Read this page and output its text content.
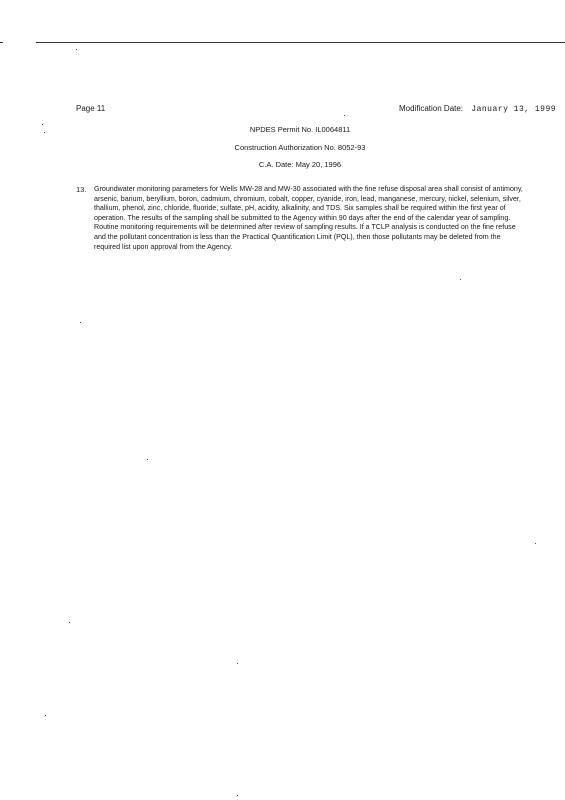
Page 11	Modification Date: January 13, 1999
NPDES Permit No. IL0064811
Construction Authorization No. 8052-93
C.A. Date: May 20, 1996
13. Groundwater monitoring parameters for Wells MW-28 and MW-30 associated with the fine refuse disposal area shall consist of antimony, arsenic, barium, beryllium, boron, cadmium, chromium, cobalt, copper, cyanide, iron, lead, manganese, mercury, nickel, selenium, silver, thallium, phenol, zinc, chloride, fluoride, sulfate, pH, acidity, alkalinity, and TDS. Six samples shall be required within the first year of operation. The results of the sampling shall be submitted to the Agency within 90 days after the end of the calendar year of sampling. Routine monitoring requirements will be determined after review of sampling results. If a TCLP analysis is conducted on the fine refuse and the pollutant concentration is less than the Practical Quantification Limit (PQL), then those pollutants may be deleted from the required list upon approval from the Agency.
